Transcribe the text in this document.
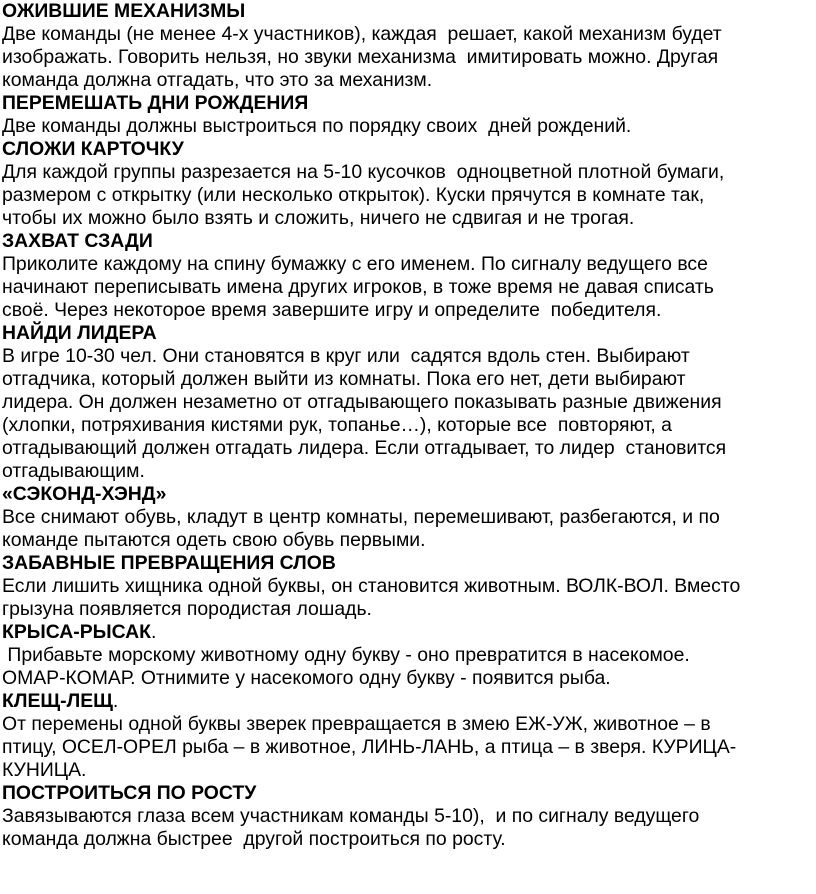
ОЖИВШИЕ МЕХАНИЗМЫ

Две команды (не менее 4-х участников), каждая  решает, какой механизм будет

изображать. Говорить нельзя, но звуки механизма  имитировать можно. Другая

команда должна отгадать, что это за механизм.

ПЕРЕМЕШАТЬ ДНИ РОЖДЕНИЯ

Две команды должны выстроиться по порядку своих  дней рождений.

СЛОЖИ КАРТОЧКУ

Для каждой группы разрезается на 5-10 кусочков  одноцветной плотной бумаги,

размером с открытку (или несколько открыток). Куски прячутся в комнате так,

чтобы их можно было взять и сложить, ничего не сдвигая и не трогая.

ЗАХВАТ СЗАДИ

Приколите каждому на спину бумажку с его именем. По сигналу ведущего все

начинают переписывать имена других игроков, в тоже время не давая списать

своё. Через некоторое время завершите игру и определите  победителя.

НАЙДИ ЛИДЕРА

В игре 10-30 чел. Они становятся в круг или  садятся вдоль стен. Выбирают

отгадчика, который должен выйти из комнаты. Пока его нет, дети выбирают

лидера. Он должен незаметно от отгадывающего показывать разные движения

(хлопки, потряхивания кистями рук, топанье…), которые все  повторяют, а

отгадывающий должен отгадать лидера. Если отгадывает, то лидер  становится

отгадывающим.

«СЭКОНД-ХЭНД»

Все снимают обувь, кладут в центр комнаты, перемешивают, разбегаются, и по

команде пытаются одеть свою обувь первыми.

ЗАБАВНЫЕ ПРЕВРАЩЕНИЯ СЛОВ

Если лишить хищника одной буквы, он становится животным. ВОЛК-ВОЛ. Вместо

грызуна появляется породистая лошадь.

КРЫСА-РЫСАК.

Прибавьте морскому животному одну букву - оно превратится в насекомое.

ОМАР-КОМАР. Отнимите у насекомого одну букву - появится рыба.

КЛЕЩ-ЛЕЩ.

От перемены одной буквы зверек превращается в змею ЕЖ-УЖ, животное – в

птицу, ОСЕЛ-ОРЕЛ рыба – в животное, ЛИНЬ-ЛАНЬ, а птица – в зверя. КУРИЦА-

КУНИЦА.

ПОСТРОИТЬСЯ ПО РОСТУ

Завязываются глаза всем участникам команды 5-10),  и по сигналу ведущего

команда должна быстрее  другой построиться по росту.
